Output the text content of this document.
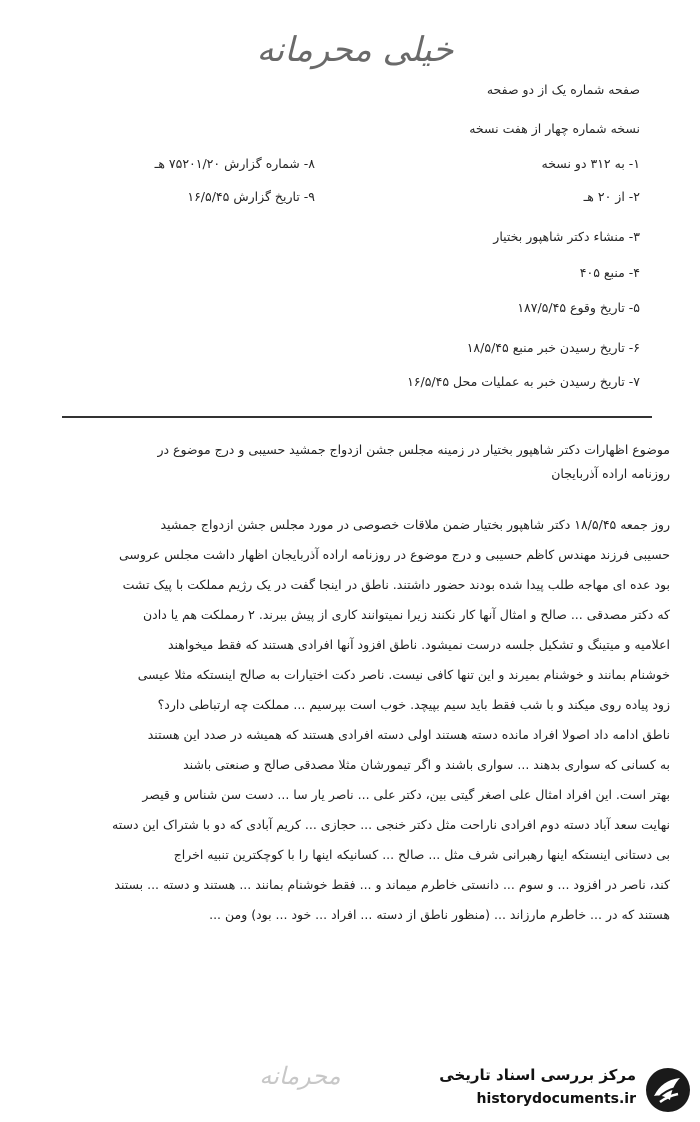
خیلی محرمانه
صفحه شماره یک از دو صفحه
نسخه شماره چهار از هفت نسخه
۱- به ۳۱۲ دو نسخه
۸- شماره گزارش ۷۵۲۰۱/۲۰ هـ
۲- از ۲۰ هـ
۹- تاریخ گزارش ۱۶/۵/۴۵
۳- منشاء دکتر شاهپور بختیار
۴- منبع ۴۰۵
۵- تاریخ وقوع ۱۸۷/۵/۴۵
۶- تاریخ رسیدن خبر منبع ۱۸/۵/۴۵
۷- تاریخ رسیدن خبر به عملیات محل ۱۶/۵/۴۵
موضوع اظهارات دکتر شاهپور بختیار در زمینه مجلس جشن ازدواج جمشید حسیبی و درج موضوع در
روزنامه اراده آذربایجان
روز جمعه ۱۸/۵/۴۵ دکتر شاهپور بختیار ضمن ملاقات خصوصی در مورد مجلس جشن ازدواج جمشید
حسیبی فرزند مهندس کاظم حسیبی و درج موضوع در روزنامه اراده آذربایجان اظهار داشت مجلس عروسی
بود عده ای مهاجه طلب پیدا شده بودند حضور داشتند. ناطق در اینجا گفت در یک رژیم مملکت با پیک تشت
که دکتر مصدقی ... صالح و امثال آنها کار نکنند زیرا نمیتوانند کاری از پیش ببرند. ۲ رمملکت هم یا دادن
اعلامیه و میتینگ و تشکیل جلسه درست نمیشود. ناطق افزود آنها افرادی هستند که فقط میخواهند
خوشنام بمانند و خوشنام بمیرند و این تنها کافی نیست. ناصر دکت اختیارات به صالح اینستکه مثلا عیسی
زود پیاده روی میکند و با شب فقط باید سیم بپیچد. خوب است بپرسیم ... مملکت چه ارتباطی دارد؟
ناطق ادامه داد اصولا افراد مانده دسته هستند اولی دسته افرادی هستند که همیشه در صدد این هستند
به کسانی که سواری بدهند ... سواری باشند و اگر تیمورشان مثلا مصدقی صالح و صنعتی باشند
بهتر است. این افراد امثال علی اصغر گیتی بین، دکتر علی ... ناصر یار سا ... دست سن شناس و قیصر
نهایت سعد آباد دسته دوم افرادی ناراحت مثل دکتر خنجی ... حجازی ... کریم آبادی که دو با شتراک این دسته
بی دستانی اینستکه اینها رهبرانی شرف مثل ... صالح ... کسانیکه اینها را با کوچکترین تنبیه اخراج
کند، ناصر در افزود ... و سوم ... دانستی خاطرم میماند و ... فقط خوشنام بمانند ... هستند و دسته ... بستند
هستند که در ... خاطرم مارزاند ... (منظور ناطق از دسته ... افراد ... خود ... بود) ومن ...
محرمانه	مرکز بررسی اسناد تاریخی
historydocuments.ir
